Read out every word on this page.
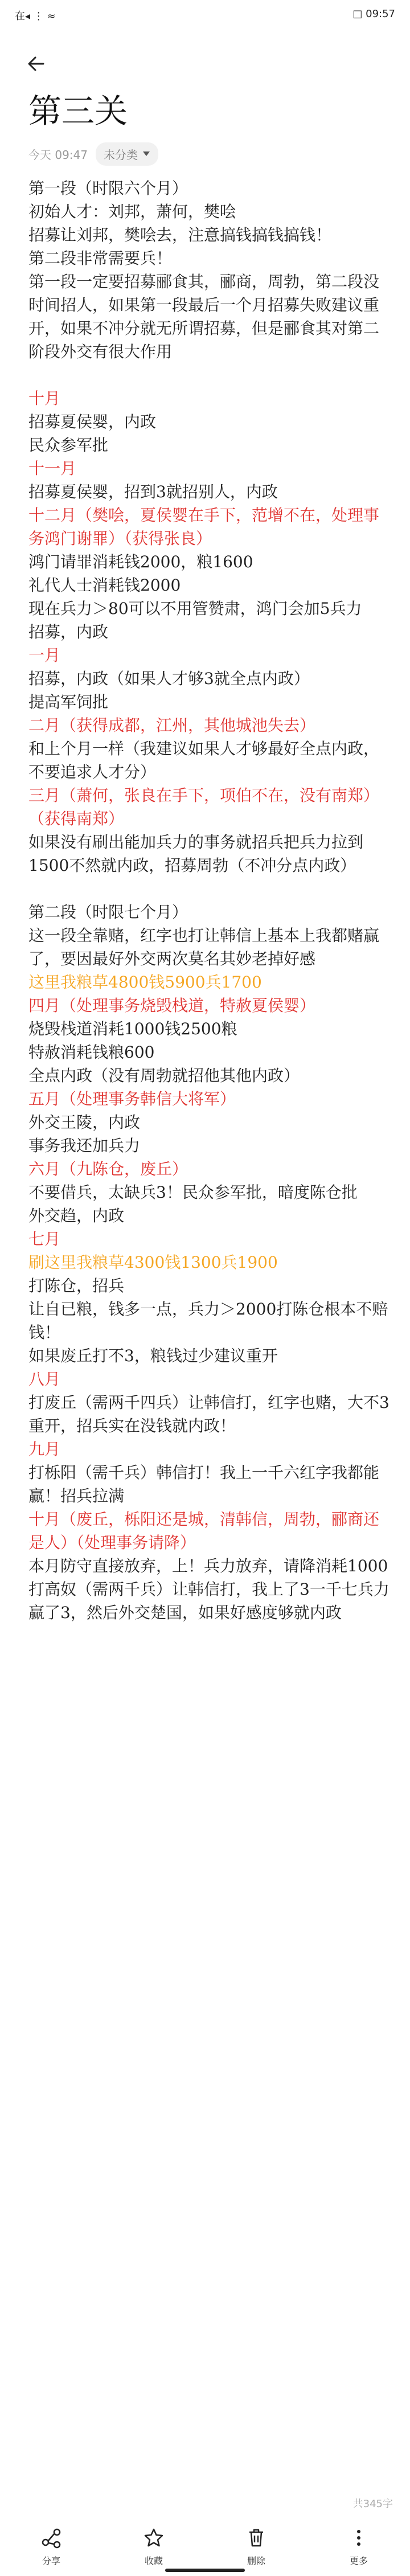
在◂ ⋮ ≈	□ 09:57
第三关
今天 09:47 未分类
第一段（时限六个月）
初始人才：刘邦，萧何，樊哙
招募让刘邦，樊哙去，注意搞钱搞钱搞钱！
第二段非常需要兵！
第一段一定要招募郦食其，郦商，周勃，第二段没时间招人，如果第一段最后一个月招募失败建议重开，如果不冲分就无所谓招募，但是郦食其对第二阶段外交有很大作用

十月
招募夏侯婴，内政
民众参军批
十一月
招募夏侯婴，招到3就招别人，内政
十二月（樊哙，夏侯婴在手下，范增不在，处理事务鸿门谢罪）（获得张良）
鸿门请罪消耗钱2000，粮1600
礼代人士消耗钱2000
现在兵力＞80可以不用管赞肃，鸿门会加5兵力
招募，内政
一月
招募，内政（如果人才够3就全点内政）
提高军饲批
二月（获得成都，江州，其他城池失去）
和上个月一样（我建议如果人才够最好全点内政，不要追求人才分）
三月（萧何，张良在手下，项伯不在，没有南郑）（获得南郑）
如果没有刷出能加兵力的事务就招兵把兵力拉到1500不然就内政，招募周勃（不冲分点内政）

第二段（时限七个月）
这一段全靠赌，红字也打让韩信上基本上我都赌赢了，要因最好外交两次莫名其妙老掉好感
这里我粮草4800钱5900兵1700
四月（处理事务烧毁栈道，特赦夏侯婴）
烧毁栈道消耗1000钱2500粮
特赦消耗钱粮600
全点内政（没有周勃就招他其他内政）
五月（处理事务韩信大将军）
外交王陵，内政
事务我还加兵力
六月（九陈仓，废丘）
不要借兵，太缺兵3！民众参军批，暗度陈仓批
外交趋，内政
七月
刷这里我粮草4300钱1300兵1900
打陈仓，招兵
让自已粮，钱多一点，兵力＞2000打陈仓根本不赔钱！
如果废丘打不3，粮钱过少建议重开
八月
打废丘（需两千四兵）让韩信打，红字也赌，大不3重开，招兵实在没钱就内政！
九月
打栎阳（需千兵）韩信打！我上一千六红字我都能赢！招兵拉满
十月（废丘，栎阳还是城，清韩信，周勃，郦商还是人）（处理事务请降）
本月防守直接放弃，上！兵力放弃，请降消耗1000
打高奴（需两千兵）让韩信打，我上了3一千七兵力赢了3，然后外交楚国，如果好感度够就内政
共345字
分享	收藏	删除	更多
